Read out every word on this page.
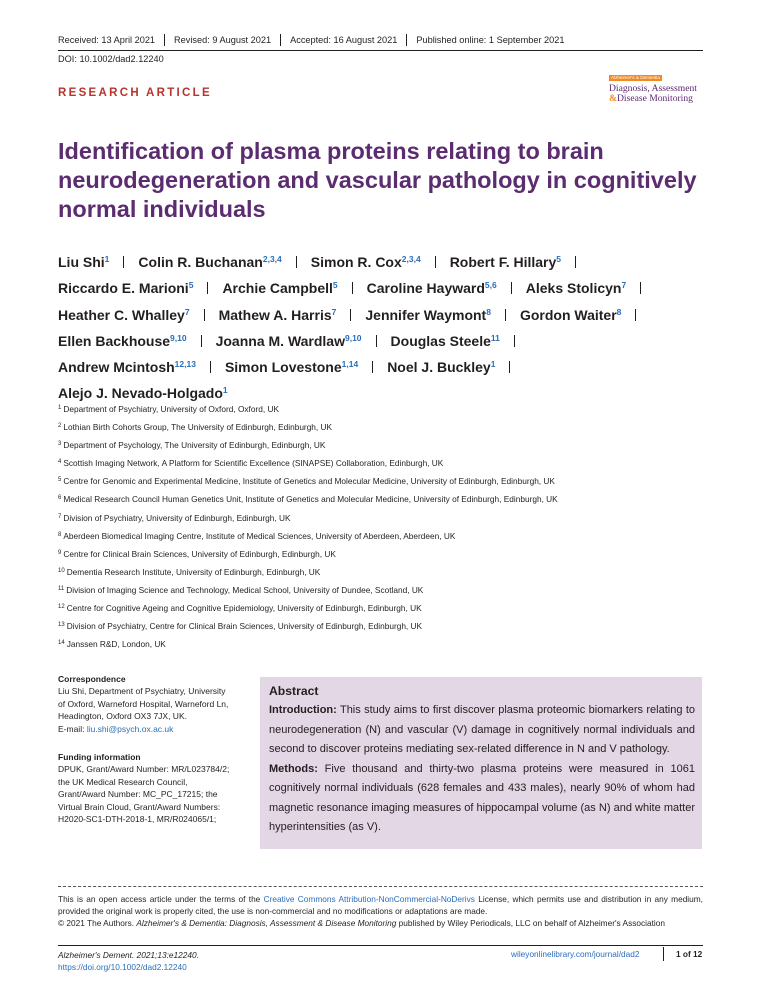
Received: 13 April 2021 Revised: 9 August 2021 Accepted: 16 August 2021 Published online: 1 September 2021
DOI: 10.1002/dad2.12240
Alzheimer's & Dementia
Diagnosis, Assessment
&Disease Monitoring
RESEARCH ARTICLE
Identification of plasma proteins relating to brain neurodegeneration and vascular pathology in cognitively normal individuals
Liu Shi$^1$ Colin R. Buchanan$^{2,3,4}$ Simon R. Cox$^{2,3,4}$ Robert F. Hillary$^5$
Riccardo E. Marioni$^5$ Archie Campbell$^5$ Caroline Hayward$^{5,6}$ Aleks Stolicyn$^7$
Heather C. Whalley$^7$ Mathew A. Harris$^7$ Jennifer Waymont$^8$ Gordon Waiter$^8$
Ellen Backhouse$^{9,10}$ Joanna M. Wardlaw$^{9,10}$ Douglas Steele$^{11}$
Andrew Mcintosh$^{12,13}$ Simon Lovestone$^{1,14}$ Noel J. Buckley$^1$
Alejo J. Nevado-Holgado$^1$
$^1$ Department of Psychiatry, University of Oxford, Oxford, UK
$^2$ Lothian Birth Cohorts Group, The University of Edinburgh, Edinburgh, UK
$^3$ Department of Psychology, The University of Edinburgh, Edinburgh, UK
$^4$ Scottish Imaging Network, A Platform for Scientific Excellence (SINAPSE) Collaboration, Edinburgh, UK
$^5$ Centre for Genomic and Experimental Medicine, Institute of Genetics and Molecular Medicine, University of Edinburgh, Edinburgh, UK
$^6$ Medical Research Council Human Genetics Unit, Institute of Genetics and Molecular Medicine, University of Edinburgh, Edinburgh, UK
$^7$ Division of Psychiatry, University of Edinburgh, Edinburgh, UK
$^8$ Aberdeen Biomedical Imaging Centre, Institute of Medical Sciences, University of Aberdeen, Aberdeen, UK
$^9$ Centre for Clinical Brain Sciences, University of Edinburgh, Edinburgh, UK
$^{10}$ Dementia Research Institute, University of Edinburgh, Edinburgh, UK
$^{11}$ Division of Imaging Science and Technology, Medical School, University of Dundee, Scotland, UK
$^{12}$ Centre for Cognitive Ageing and Cognitive Epidemiology, University of Edinburgh, Edinburgh, UK
$^{13}$ Division of Psychiatry, Centre for Clinical Brain Sciences, University of Edinburgh, Edinburgh, UK
$^{14}$ Janssen R&D, London, UK
Correspondence
Liu Shi, Department of Psychiatry, University
of Oxford, Warneford Hospital, Warneford Ln,
Headington, Oxford OX3 7JX, UK.
E-mail: liu.shi@psych.ox.ac.uk
Funding information
DPUK, Grant/Award Number: MR/L023784/2;
the UK Medical Research Council,
Grant/Award Number: MC_PC_17215; the
Virtual Brain Cloud, Grant/Award Numbers:
H2020-SC1-DTH-2018-1, MR/R024065/1;
Abstract

Introduction: This study aims to first discover plasma proteomic biomarkers relating to neurodegeneration (N) and vascular (V) damage in cognitively normal individuals and second to discover proteins mediating sex-related difference in N and V pathology.

Methods: Five thousand and thirty-two plasma proteins were measured in 1061 cognitively normal individuals (628 females and 433 males), nearly 90% of whom had magnetic resonance imaging measures of hippocampal volume (as N) and white matter hyperintensities (as V).

This is an open access article under the terms of the Creative Commons Attribution-NonCommercial-NoDerivs License, which permits use and distribution in any medium, provided the original work is properly cited, the use is non-commercial and no modifications or adaptations are made.
© 2021 The Authors. Alzheimer's & Dementia: Diagnosis, Assessment & Disease Monitoring published by Wiley Periodicals, LLC on behalf of Alzheimer's Association
Alzheimer's Dement. 2021;13:e12240.
https://doi.org/10.1002/dad2.12240
wileyonlinelibrary.com/journal/dad2	1 of 12
